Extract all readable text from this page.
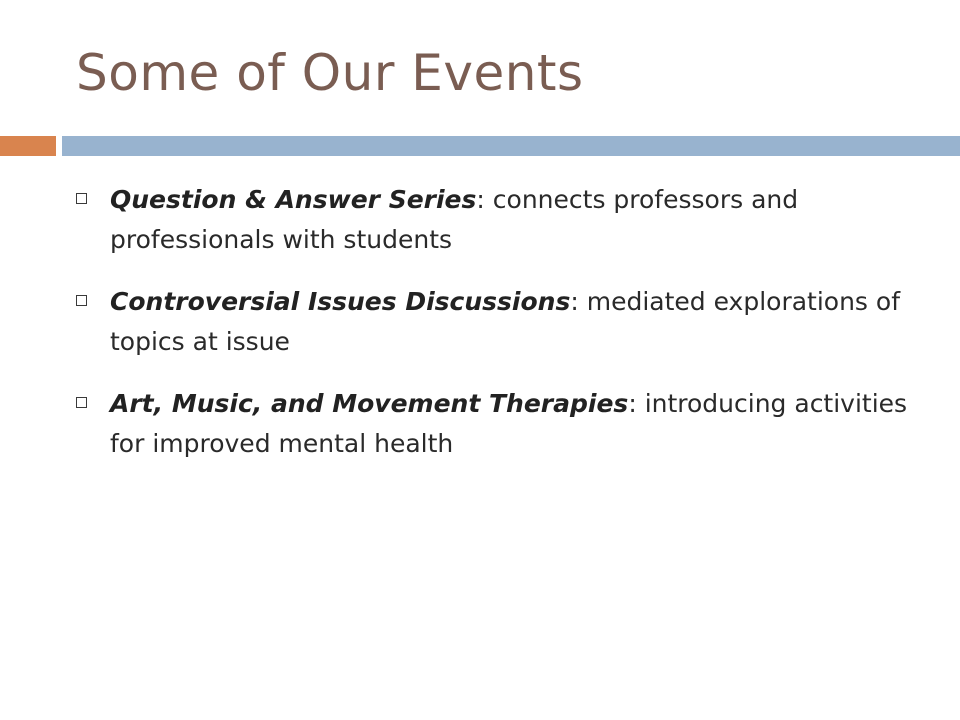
Some of Our Events
Question & Answer Series: connects professors and professionals with students
Controversial Issues Discussions: mediated explorations of topics at issue
Art, Music, and Movement Therapies: introducing activities for improved mental health
